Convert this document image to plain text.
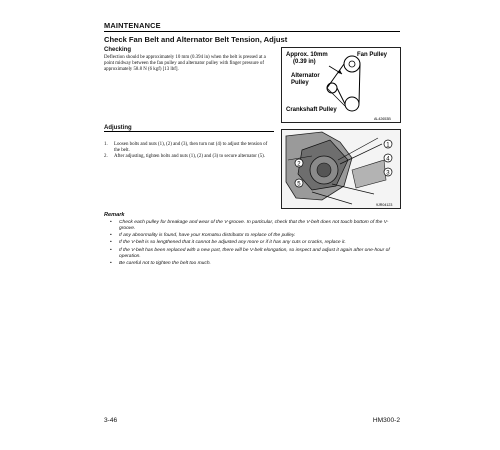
MAINTENANCE
Check Fan Belt and Alternator Belt Tension, Adjust
Checking
Deflection should be approximately 10 mm (0.394 in) when the belt is pressed at a point midway between the fan pulley and alternator pulley with finger pressure of approximately 58.8 N (6 kgf) [13 lbf].
Approx. 10mm
(0.39 in)
Fan Pulley
Alternator
Pulley
Crankshaft Pulley
AL42653B
Adjusting
1. Loosen bolts and nuts (1), (2) and (3), then turn nut (4) to adjust the tension of the belt.
2. After adjusting, tighten bolts and nuts (1), (2) and (3) to secure alternator (5).
1
4
2
3
5
9JR04123
Remark
• Check each pulley for breakage and wear of the V-groove. In particular, check that the V-belt does not touch bottom of the V-groove.
• If any abnormality is found, have your Komatsu distributor to replace of the pulley.
• If the V-belt is so lengthened that it cannot be adjusted any more or if it has any cuts or cracks, replace it.
• If the V-belt has been replaced with a new part, there will be V-belt elongation, so inspect and adjust it again after one-hour of operation.
• Be careful not to tighten the belt too much.
3-46	HM300-2
